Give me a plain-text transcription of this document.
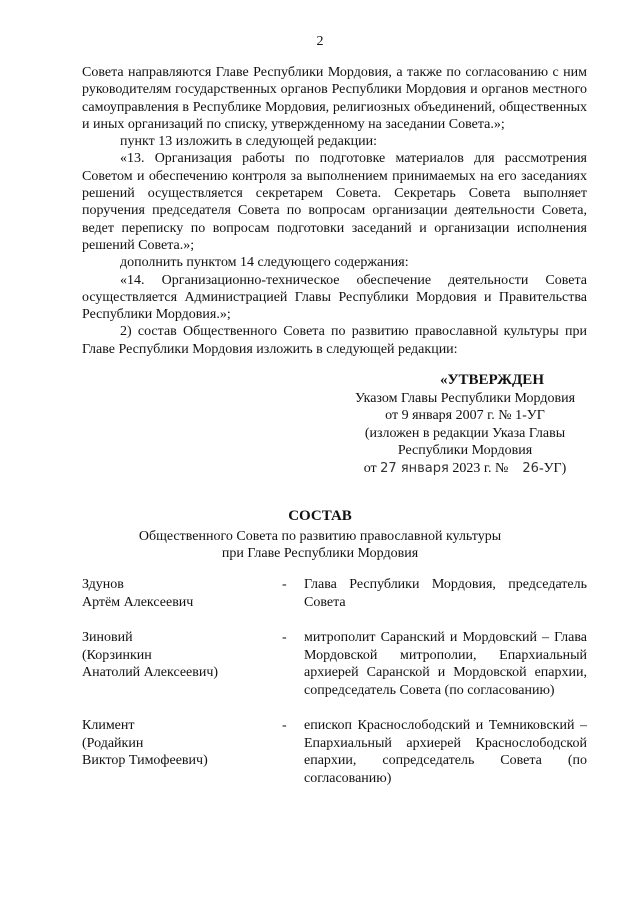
2

Совета направляются Главе Республики Мордовия, а также по согласованию с ним руководителям государственных органов Республики Мордовия и органов местного самоуправления в Республике Мордовия, религиозных объединений, общественных и иных организаций по списку, утвержденному на заседании Совета.»;

пункт 13 изложить в следующей редакции:

«13. Организация работы по подготовке материалов для рассмотрения Советом и обеспечению контроля за выполнением принимаемых на его заседаниях решений осуществляется секретарем Совета. Секретарь Совета выполняет поручения председателя Совета по вопросам организации деятельности Совета, ведет переписку по вопросам подготовки заседаний и организации исполнения решений Совета.»;

дополнить пунктом 14 следующего содержания:

«14. Организационно-техническое обеспечение деятельности Совета осуществляется Администрацией Главы Республики Мордовия и Правительства Республики Мордовия.»;

2) состав Общественного Совета по развитию православной культуры при Главе Республики Мордовия изложить в следующей редакции:

«УТВЕРЖДЕН
Указом Главы Республики Мордовия
от 9 января 2007 г. № 1-УГ
(изложен в редакции Указа Главы
Республики Мордовия
от 27 января 2023 г. № 26-УГ)
СОСТАВ
Общественного Совета по развитию православной культуры
при Главе Республики Мордовия
Здунов
Артём Алексеевич
-	Глава Республики Мордовия, председатель Совета
Зиновий
(Корзинкин
Анатолий Алексеевич)
-	митрополит Саранский и Мордовский – Глава Мордовской митрополии, Епархиальный архиерей Саранской и Мордовской епархии, сопредседатель Совета (по согласованию)
Климент
(Родайкин
Виктор Тимофеевич)
-	епископ Краснослободский и Темниковский – Епархиальный архиерей Краснослободской епархии, сопредседатель Совета (по согласованию)
